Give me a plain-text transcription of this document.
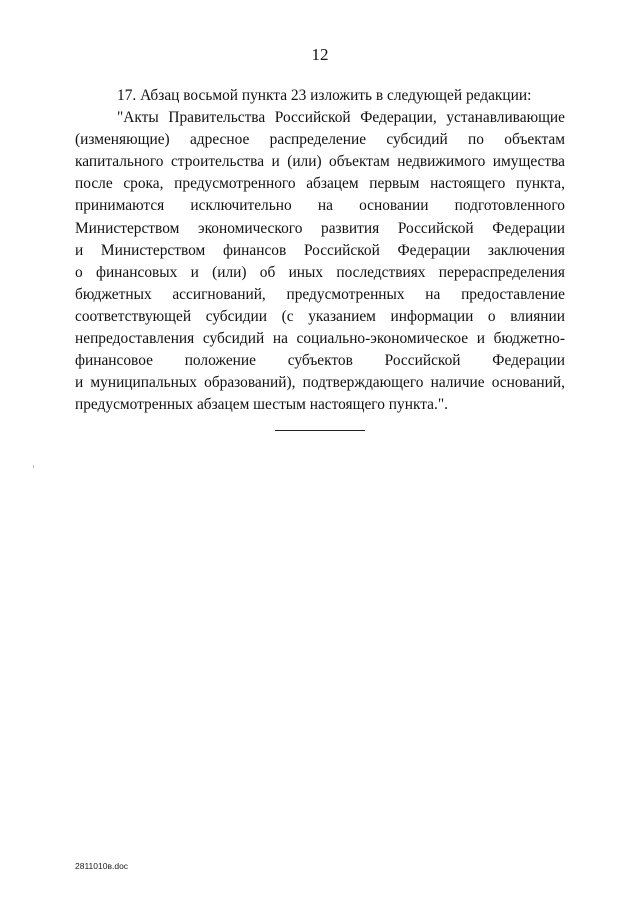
12
17. Абзац восьмой пункта 23 изложить в следующей редакции:
"Акты Правительства Российской Федерации, устанавливающие
(изменяющие) адресное распределение субсидий по объектам
капитального строительства и (или) объектам недвижимого имущества
после срока, предусмотренного абзацем первым настоящего пункта,
принимаются исключительно на основании подготовленного
Министерством экономического развития Российской Федерации
и Министерством финансов Российской Федерации заключения
о финансовых и (или) об иных последствиях перераспределения
бюджетных ассигнований, предусмотренных на предоставление
соответствующей субсидии (с указанием информации о влиянии
непредоставления субсидий на социально-экономическое и бюджетно-
финансовое положение субъектов Российской Федерации
и муниципальных образований), подтверждающего наличие оснований,
предусмотренных абзацем шестым настоящего пункта.".
2811010в.doc
